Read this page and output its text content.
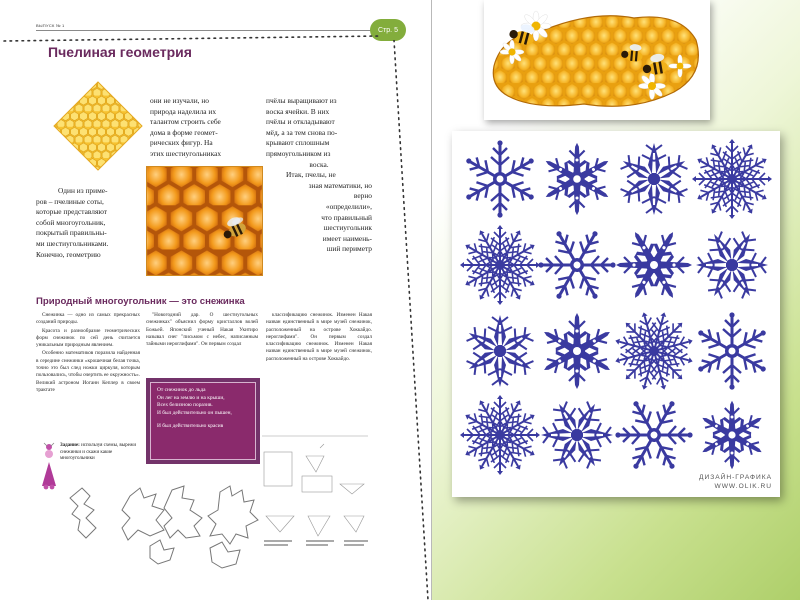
ВЫПУСК № 1
Стр. 5
Пчелиная геометрия

Один из приме-

ров – пчелиные соты,

которые представляют

собой многоугольник,

покрытый правильны-

ми шестиугольниками.

Конечно, геометрию

они не изучали, но

природа наделила их

талантом строить себе

дома в форме геомет-

рических фигур. На

этих шестиугольниках

пчёлы выращивают из

воска ячейки. В них

пчёлы и откладывают

мёд, а за тем снова по-

крывают сплошным

прямоугольником из

воска.

Итак, пчелы, не

зная математики, но

верно

«определили»,

что правильный

шестиугольник

имеет наимень-

ший периметр

Природный многоугольник — это снежинка

Снежинка — одно из самых прекрасных созданий природы.

Красота и разнообразие геометрических форм снежинок по сей день считается уникальным природным явлением.

Особенно математиков поразила найденная в середине снежинки «крошечная белая точка, точно это был след ножки циркуля, которым пользовались, чтобы очертить ее окружность». Великий астроном Иоганн Кеплер в своем трактате

"Новогодний дар. О шестиугольных снежинках" объяснил форму кристаллов волей Божьей. Японский ученый Накая Укитиро называл снег "письмом с небес, написанным тайными иероглифами". Он первым создал

классификацию снежинок. Изменен Накая назван единственный в мире музей снежинок, расположенный на острове Хоккайдо. нероглифами". Он первым создал классификацию снежинок. Изменен Накая назван единственный в мире музей снежинок, расположенный на острове Хоккайдо.

От снежинок до льда
Он лег на землю и на крыши,
Всех белизною поразив.
И был действительно он пышен,
И был действительно красив
Задание: используя схемы, вырежи снежинки и скажи какие многоугольники
ДИЗАЙН-ГРАФИКА
WWW.OLIK.RU
